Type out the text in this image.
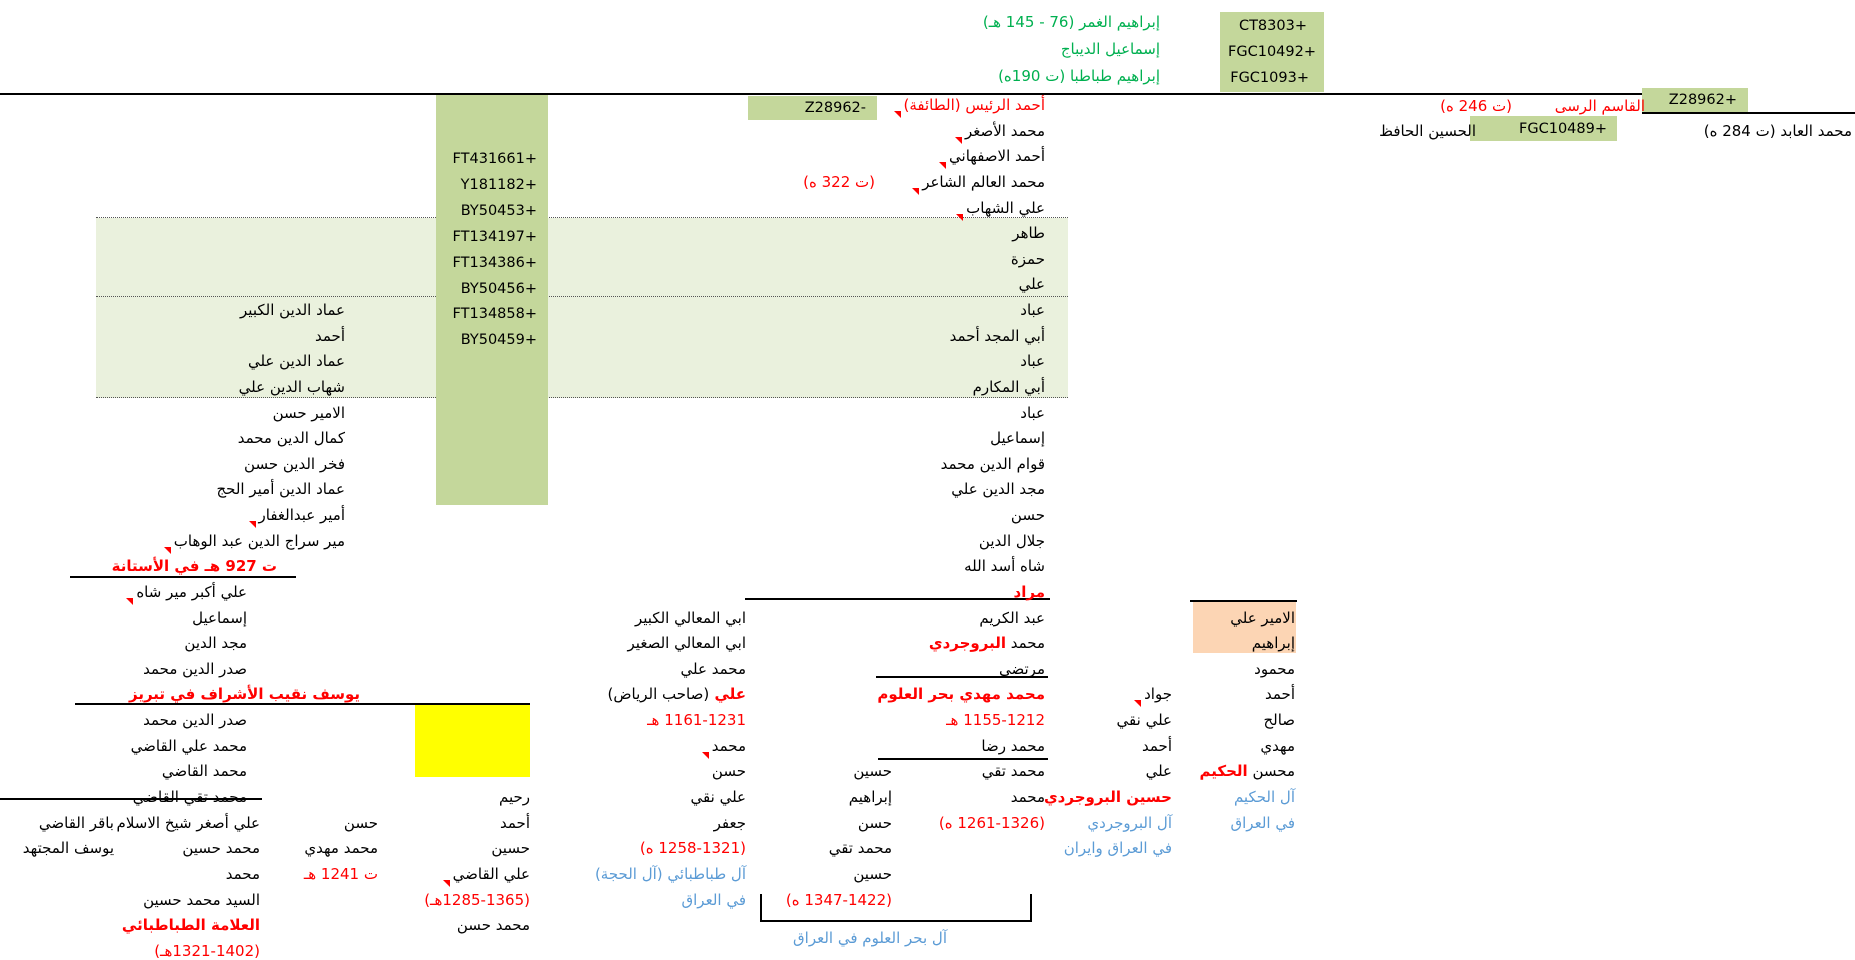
إبراهيم الغمر (76 - 145 هـ)
إسماعيل الديباج
إبراهيم طباطبا (ت 190ه)
أحمد الرئيس (الطائفة)
محمد الأصغر
أحمد الاصفهاني
محمد العالم الشاعر
علي الشهاب
طاهر
حمزة
علي
عباد
أبي المجد أحمد
عباد
أبي المكارم
عباد
إسماعيل
قوام الدين محمد
مجد الدين علي
حسن
جلال الدين
شاه أسد الله
مراد
عبد الكريم
محمد البروجردي
مرتضى
محمد مهدي بحر العلوم
1155-1212 هـ
محمد رضا
محمد تقي
محمد
(1261-1326 ه)
عماد الدين الكبير
أحمد
عماد الدين علي
شهاب الدين علي
الامير حسن
كمال الدين محمد
فخر الدين حسن
عماد الدين أمير الحج
أمير عبدالغفار
مير سراج الدين عبد الوهاب
ت 927 هـ في الأستانة
علي أكبر مير شاه
إسماعيل
مجد الدين
صدر الدين محمد
يوسف نقيب الأشراف في تبريز
صدر الدين محمد
محمد علي القاضي
محمد القاضي
محمد تقي القاضي
علي أصغر شيخ الاسلام
محمد حسين
محمد
السيد محمد حسين
العلامة الطباطبائي
(1321-1402هـ)
باقر القاضي
يوسف المجتهد
حسن
محمد مهدي
ت 1241 هـ
رحيم
أحمد
حسين
علي القاضي
(1285-1365هـ)
محمد حسن
ابي المعالي الكبير
ابي المعالي الصغير
محمد علي
علي (صاحب الرياض)
1161-1231 هـ
محمد
حسن
علي نقي
جعفر
(1258-1321 ه)
آل طباطبائي (آل الحجة)
في العراق
حسين
إبراهيم
حسن
محمد تقي
حسين
(1347-1422 ه)
جواد
علي نقي
أحمد
علي
حسين البروجردي
آل البروجردي
في العراق وايران
الامير علي
إبراهيم
محمود
أحمد
صالح
مهدي
محسن الحكيم
آل الحكيم
في العراق
FT431661+
Y181182+
BY50453+
FT134197+
FT134386+
BY50456+
FT134858+
BY50459+
القاسم الرسى
(ت 246 ه)
الحسين الحافظ	محمد العابد (ت 284 ه)
(ت 322 ه)
آل بحر العلوم في العراق
CT8303+
FGC10492+
FGC1093+
Z28962+
Z28962-
FGC10489+
